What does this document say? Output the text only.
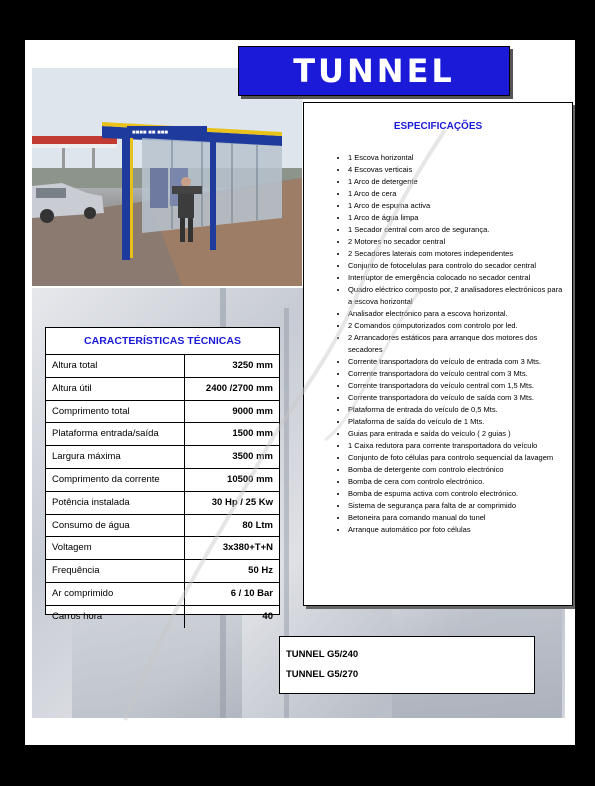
■■■■ ■■ ■■■
TUNNEL
ESPECIFICAÇÕES
• 1 Escova horizontal
• 4 Escovas verticais
• 1 Arco de detergente
• 1 Arco de cera
• 1 Arco de espuma activa
• 1 Arco de água limpa
• 1 Secador central com arco de segurança.
• 2 Motores no secador central
• 2 Secadores laterais com motores independentes
• Conjunto de fotocelulas para controlo do secador central
• Interruptor de emergência colocado no secador central
• Quadro eléctrico composto por, 2 analisadores electrónicos para a escova horizontal
• Analisador electrónico para a escova horizontal.
• 2 Comandos computorizados com controlo por led.
• 2 Arrancadores estáticos para arranque dos motores dos secadores
• Corrente transportadora do veículo de entrada com 3 Mts.
• Corrente transportadora do veículo central com 3 Mts.
• Corrente transportadora do veículo central com 1,5 Mts.
• Corrente transportadora do veículo de saída com 3 Mts.
• Plataforma de entrada do veículo de 0,5 Mts.
• Plataforma de saída do veículo de 1 Mts.
• Guias para entrada e saída do veículo ( 2 guias )
• 1 Caixa redutora para corrente transportadora do veículo
• Conjunto de foto células para controlo sequencial da lavagem
• Bomba de detergente com controlo electrónico
• Bomba de cera com controlo electrónico.
• Bomba de espuma activa com controlo electrónico.
• Sistema de segurança para falta de ar comprimido
• Betoneira para comando manual do tunel
• Arranque automático por foto células
CARACTERÍSTICAS TÉCNICAS
Altura total	3250 mm
Altura útil	2400 /2700 mm
Comprimento total	9000 mm
Plataforma entrada/saída	1500 mm
Largura máxima	3500 mm
Comprimento da corrente	10500 mm
Potência instalada	30 Hp / 25 Kw
Consumo de água	80 Ltm
Voltagem	3x380+T+N
Frequência	50 Hz
Ar comprimido	6 / 10 Bar
Carros hora	40
TUNNEL G5/240
TUNNEL G5/270
